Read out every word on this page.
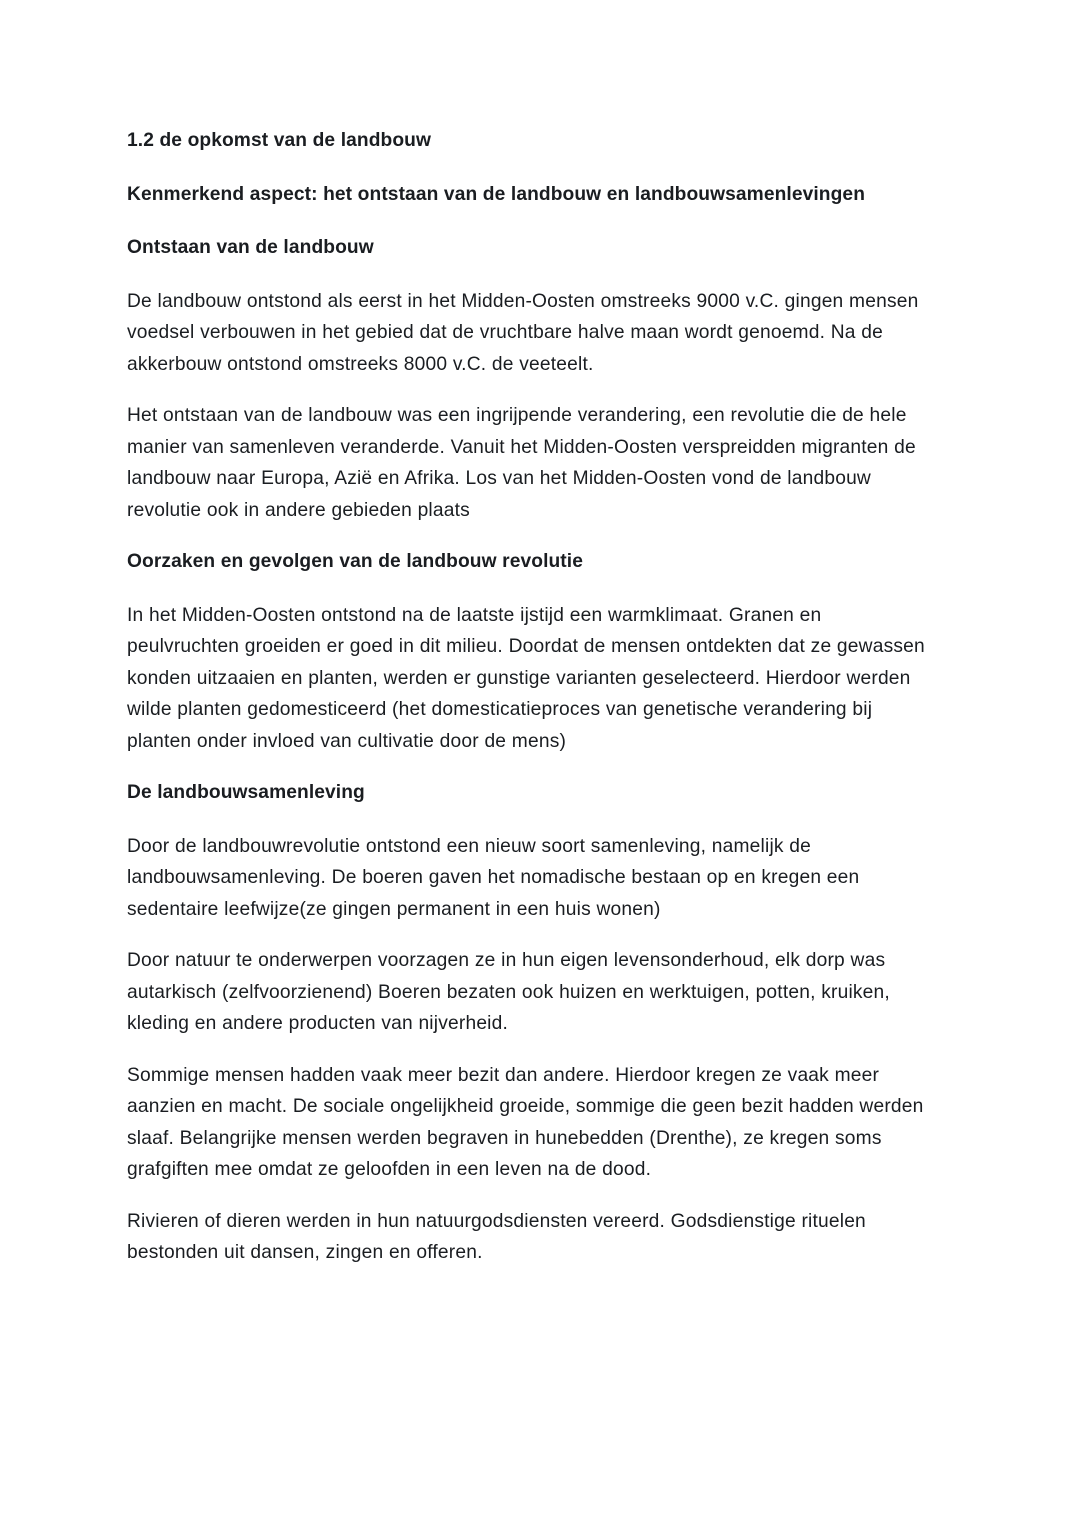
1.2 de opkomst van de landbouw
Kenmerkend aspect: het ontstaan van de landbouw en landbouwsamenlevingen
Ontstaan van de landbouw

De landbouw ontstond als eerst in het Midden-Oosten omstreeks 9000 v.C. gingen mensen voedsel verbouwen in het gebied dat de vruchtbare halve maan wordt genoemd. Na de akkerbouw ontstond omstreeks 8000 v.C. de veeteelt.

Het ontstaan van de landbouw was een ingrijpende verandering, een revolutie die de hele manier van samenleven veranderde. Vanuit het Midden-Oosten verspreidden migranten de landbouw naar Europa, Azië en Afrika. Los van het Midden-Oosten vond de landbouw revolutie ook in andere gebieden plaats

Oorzaken en gevolgen van de landbouw revolutie

In het Midden-Oosten ontstond na de laatste ijstijd een warmklimaat. Granen en peulvruchten groeiden er goed in dit milieu. Doordat de mensen ontdekten dat ze gewassen konden uitzaaien en planten, werden er gunstige varianten geselecteerd. Hierdoor werden wilde planten gedomesticeerd (het domesticatieproces van genetische verandering bij planten onder invloed van cultivatie door de mens)

De landbouwsamenleving

Door de landbouwrevolutie ontstond een nieuw soort samenleving, namelijk de landbouwsamenleving. De boeren gaven het nomadische bestaan op en kregen een sedentaire leefwijze(ze gingen permanent in een huis wonen)

Door natuur te onderwerpen voorzagen ze in hun eigen levensonderhoud, elk dorp was autarkisch (zelfvoorzienend) Boeren bezaten ook huizen en werktuigen, potten, kruiken, kleding en andere producten van nijverheid.

Sommige mensen hadden vaak meer bezit dan andere. Hierdoor kregen ze vaak meer aanzien en macht. De sociale ongelijkheid groeide, sommige die geen bezit hadden werden slaaf. Belangrijke mensen werden begraven in hunebedden (Drenthe), ze kregen soms grafgiften mee omdat ze geloofden in een leven na de dood.

Rivieren of dieren werden in hun natuurgodsdiensten vereerd. Godsdienstige rituelen bestonden uit dansen, zingen en offeren.
